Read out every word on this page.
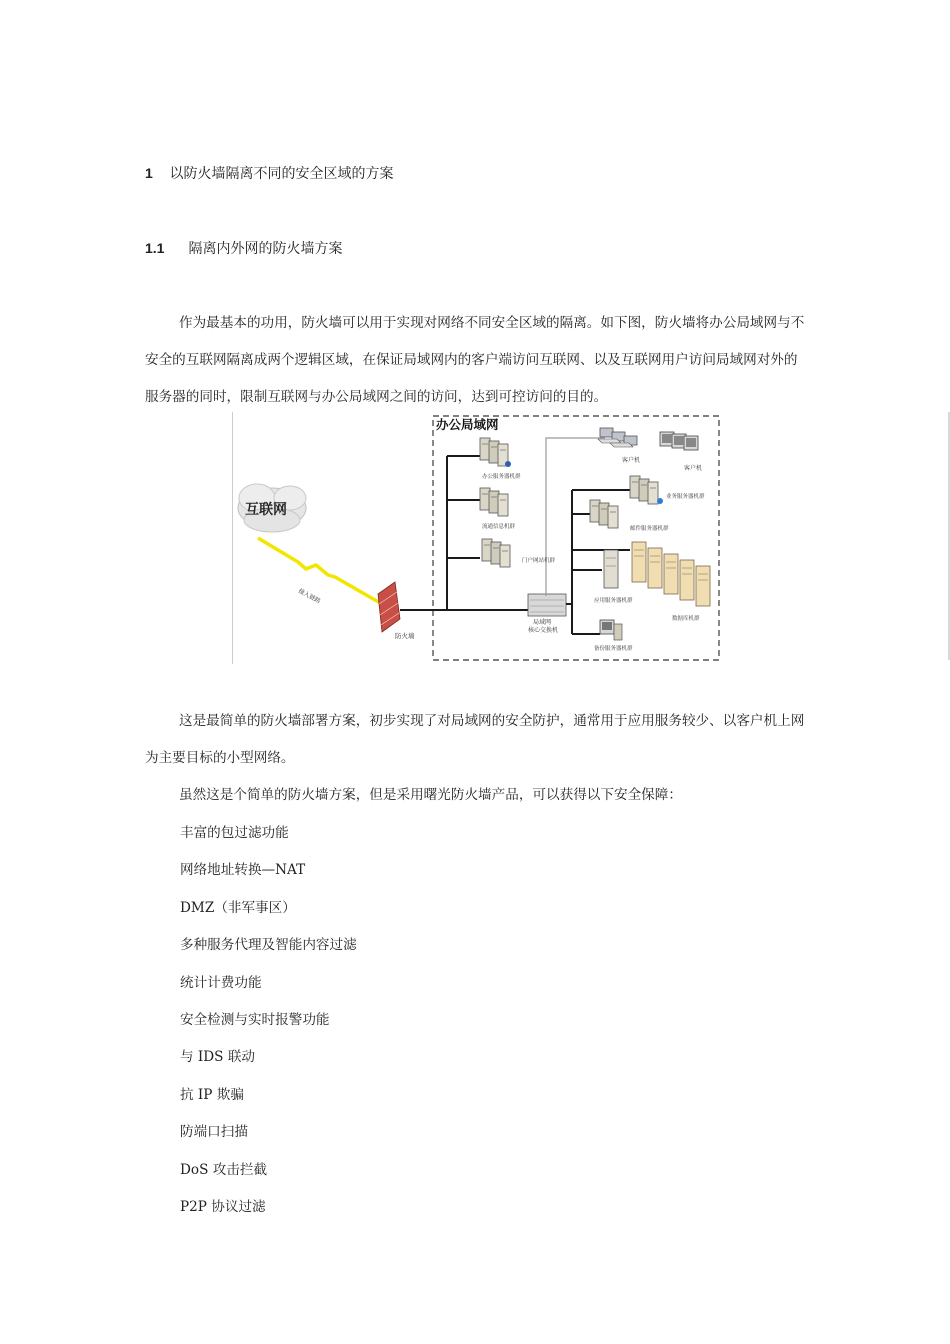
1 以防火墙隔离不同的安全区域的方案
1.1 隔离内外网的防火墙方案

作为最基本的功用，防火墙可以用于实现对网络不同安全区域的隔离。如下图，防火墙将办公局域网与不安全的互联网隔离成两个逻辑区域，在保证局域网内的客户端访问互联网、以及互联网用户访问局域网对外的服务器的同时，限制互联网与办公局域网之间的访问，达到可控访问的目的。

办公局域网
互联网
接入链路
防火墙
局域网
核心交换机
办公服务器机群
流通信息机群
门户网站机群
客户机
客户机
业务服务器机群
邮件服务器机群
应用服务器机群
数据库机群
备份服务器机群

这是最简单的防火墙部署方案，初步实现了对局域网的安全防护，通常用于应用服务较少、以客户机上网为主要目标的小型网络。

虽然这是个简单的防火墙方案，但是采用曙光防火墙产品，可以获得以下安全保障：

丰富的包过滤功能
网络地址转换—NAT
DMZ（非军事区）
多种服务代理及智能内容过滤
统计计费功能
安全检测与实时报警功能
与 IDS 联动
抗 IP 欺骗
防端口扫描
DoS 攻击拦截
P2P 协议过滤
